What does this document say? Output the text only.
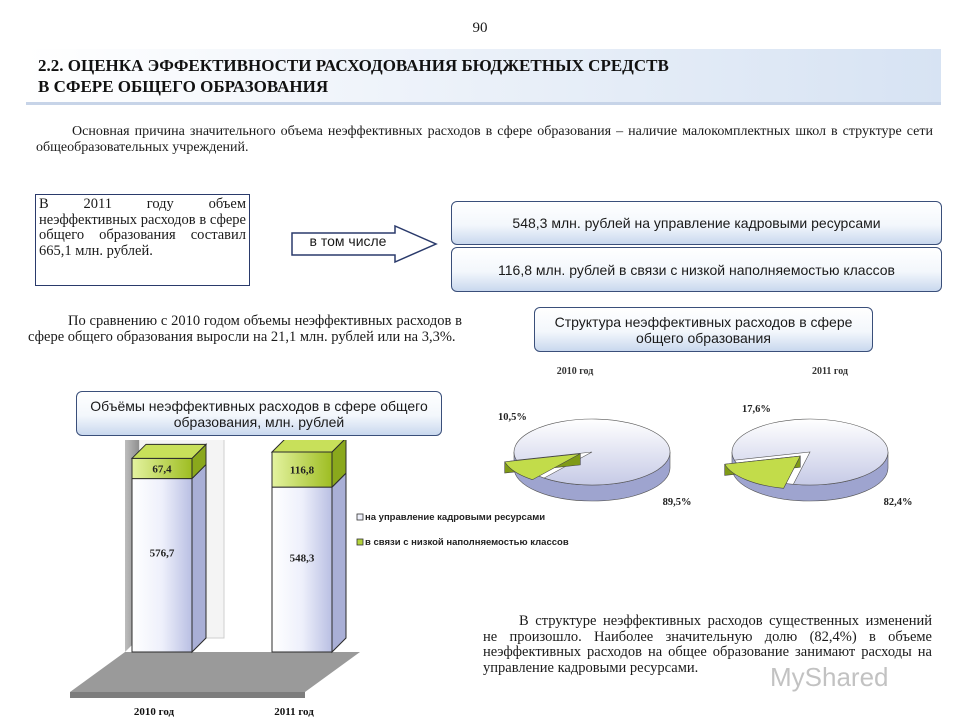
90
2.2. ОЦЕНКА ЭФФЕКТИВНОСТИ РАСХОДОВАНИЯ БЮДЖЕТНЫХ СРЕДСТВ
В СФЕРЕ ОБЩЕГО ОБРАЗОВАНИЯ
Основная причина значительного объема неэффективных расходов в сфере образования – наличие малокомплектных школ в структуре сети общеобразовательных учреждений.
В 2011 году объем неэффективных расходов в сфере общего образования составил 665,1 млн. рублей.
в том числе
548,3 млн. рублей на управление кадровыми ресурсами
116,8 млн. рублей в связи с низкой наполняемостью классов
По сравнению с 2010 годом объемы неэффективных расходов в сфере общего образования выросли на 21,1 млн. рублей или на 3,3%.
Структура неэффективных расходов в сфере общего образования
Объёмы неэффективных расходов в сфере общего образования, млн. рублей
576,7
67,4
2010 год
548,3
116,8
2011 год
на управление кадровыми ресурсами
в связи с низкой наполняемостью классов
2010 год
10,5%
89,5%
2011 год
17,6%
82,4%
В структуре неэффективных расходов существенных изменений не произошло. Наиболее значительную долю (82,4%) в объеме неэффективных расходов на общее образование занимают расходы на управление кадровыми ресурсами.	MyShared
